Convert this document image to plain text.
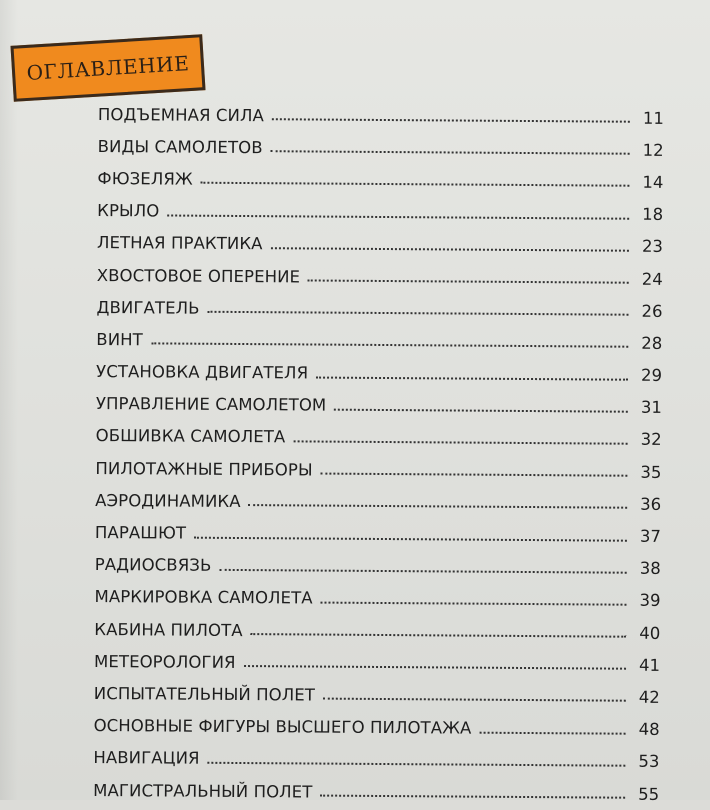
ОГЛАВЛЕНИЕ
ПОДЪЕМНАЯ СИЛА	11
ВИДЫ САМОЛЕТОВ	12
ФЮЗЕЛЯЖ	14
КРЫЛО	18
ЛЕТНАЯ ПРАКТИКА	23
ХВОСТОВОЕ ОПЕРЕНИЕ	24
ДВИГАТЕЛЬ	26
ВИНТ	28
УСТАНОВКА ДВИГАТЕЛЯ	29
УПРАВЛЕНИЕ САМОЛЕТОМ	31
ОБШИВКА САМОЛЕТА	32
ПИЛОТАЖНЫЕ ПРИБОРЫ	35
АЭРОДИНАМИКА	36
ПАРАШЮТ	37
РАДИОСВЯЗЬ	38
МАРКИРОВКА САМОЛЕТА	39
КАБИНА ПИЛОТА	40
МЕТЕОРОЛОГИЯ	41
ИСПЫТАТЕЛЬНЫЙ ПОЛЕТ	42
ОСНОВНЫЕ ФИГУРЫ ВЫСШЕГО ПИЛОТАЖА	48
НАВИГАЦИЯ	53
МАГИСТРАЛЬНЫЙ ПОЛЕТ	55
